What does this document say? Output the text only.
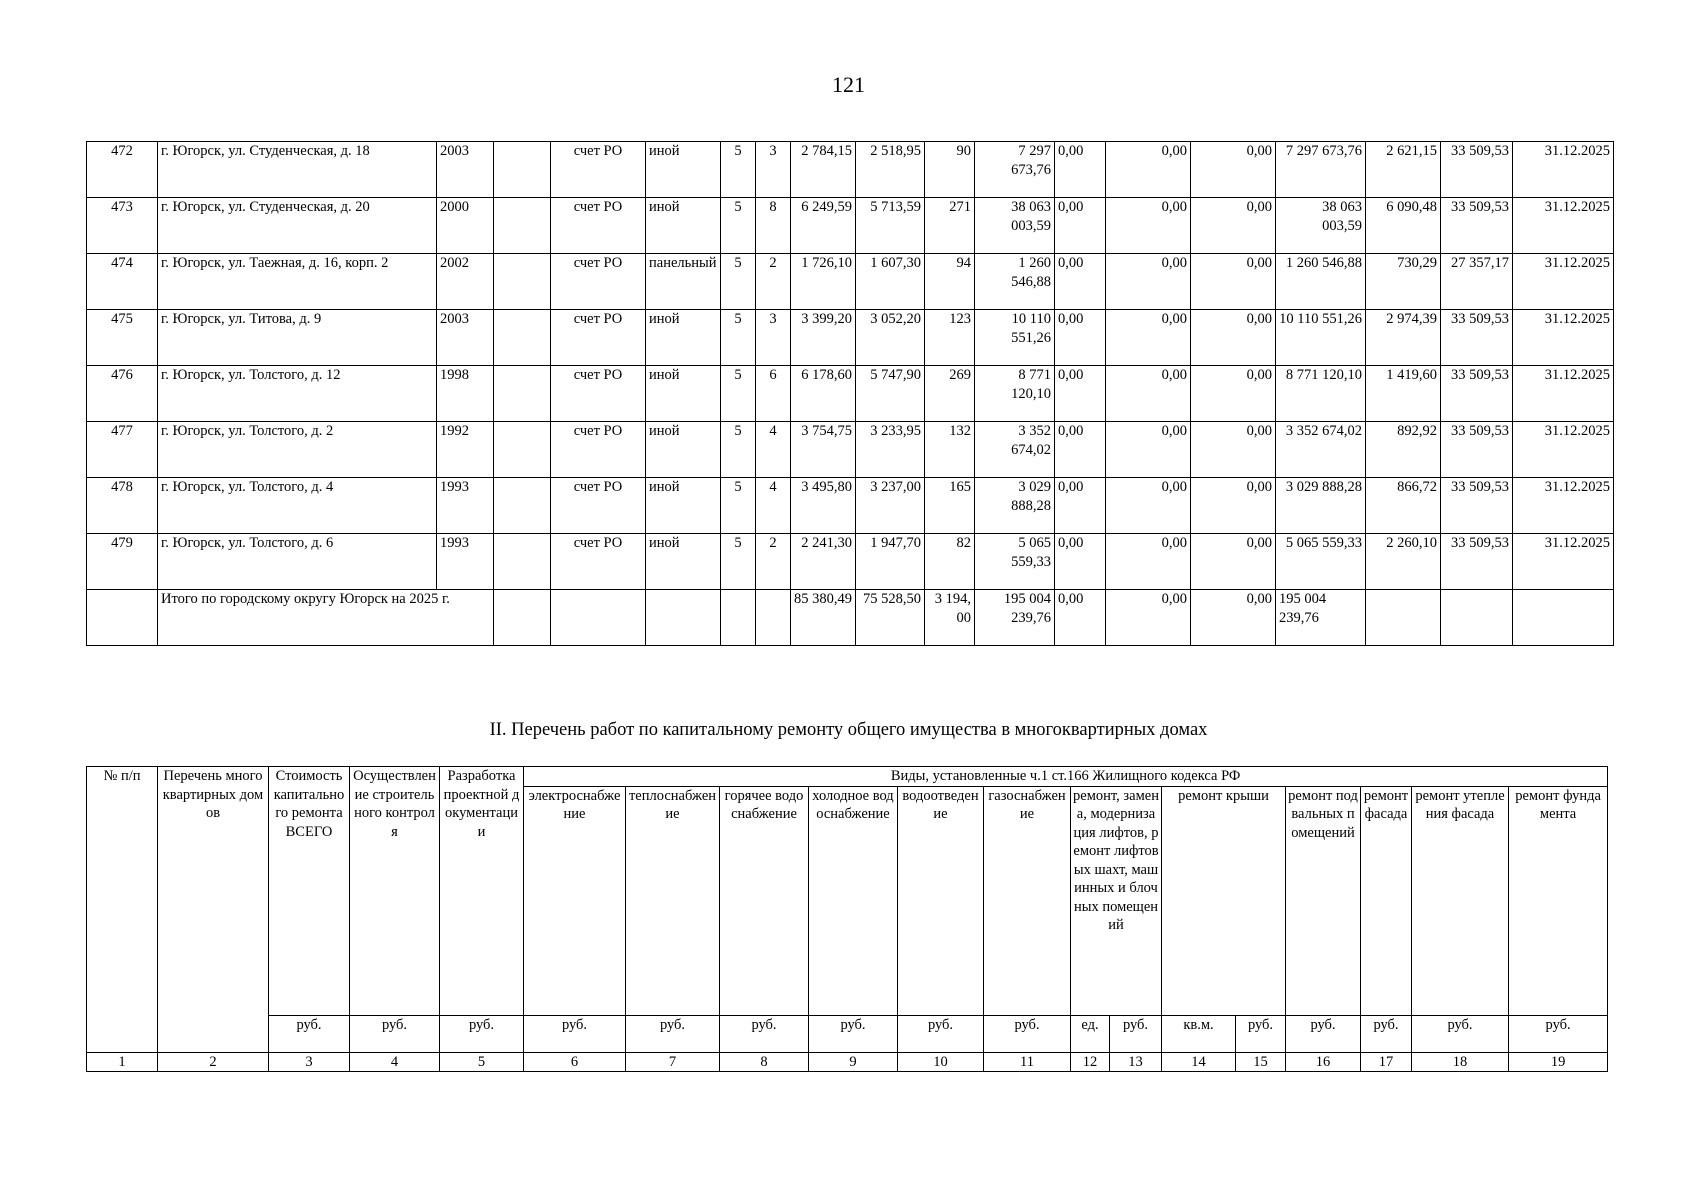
121
472	г. Югорск, ул. Студенческая, д. 18	2003		счет РО	иной	5	3	2 784,15	2 518,95	90	7 297 673,76	0,00	0,00	0,00	7 297 673,76	2 621,15	33 509,53	31.12.2025
473	г. Югорск, ул. Студенческая, д. 20	2000		счет РО	иной	5	8	6 249,59	5 713,59	271	38 063 003,59	0,00	0,00	0,00	38 063 003,59	6 090,48	33 509,53	31.12.2025
474	г. Югорск, ул. Таежная, д. 16, корп. 2	2002		счет РО	панельный	5	2	1 726,10	1 607,30	94	1 260 546,88	0,00	0,00	0,00	1 260 546,88	730,29	27 357,17	31.12.2025
475	г. Югорск, ул. Титова, д. 9	2003		счет РО	иной	5	3	3 399,20	3 052,20	123	10 110 551,26	0,00	0,00	0,00	10 110 551,26	2 974,39	33 509,53	31.12.2025
476	г. Югорск, ул. Толстого, д. 12	1998		счет РО	иной	5	6	6 178,60	5 747,90	269	8 771 120,10	0,00	0,00	0,00	8 771 120,10	1 419,60	33 509,53	31.12.2025
477	г. Югорск, ул. Толстого, д. 2	1992		счет РО	иной	5	4	3 754,75	3 233,95	132	3 352 674,02	0,00	0,00	0,00	3 352 674,02	892,92	33 509,53	31.12.2025
478	г. Югорск, ул. Толстого, д. 4	1993		счет РО	иной	5	4	3 495,80	3 237,00	165	3 029 888,28	0,00	0,00	0,00	3 029 888,28	866,72	33 509,53	31.12.2025
479	г. Югорск, ул. Толстого, д. 6	1993		счет РО	иной	5	2	2 241,30	1 947,70	82	5 065 559,33	0,00	0,00	0,00	5 065 559,33	2 260,10	33 509,53	31.12.2025
	Итого по городскому округу Югорск на 2025 г.							85 380,49	75 528,50	3 194,00	195 004 239,76	0,00	0,00	0,00	195 004 239,76			
II. Перечень работ по капитальному ремонту общего имущества в многоквартирных домах
№ п/п	Перечень многоквартирных домов	Стоимость капитального ремонта ВСЕГО	Осуществление строительного контроля	Разработка проектной документации	Виды, установленные ч.1 ст.166 Жилищного кодекса РФ													
					электроснабжение	теплоснабжение	горячее водоснабжение	холодное водоснабжение	водоотведение	газоснабжение	ремонт, замена, модернизация лифтов, ремонт лифтовых шахт, машинных и блочных помещений		ремонт крыши		ремонт подвальных помещений	ремонт фасада	ремонт утепления фасада	ремонт фундамента
		руб.	руб.	руб.	руб.	руб.	руб.	руб.	руб.	руб.	ед.	руб.	кв.м.	руб.	руб.	руб.	руб.	руб.
1	2	3	4	5	6	7	8	9	10	11	12	13	14	15	16	17	18	19
